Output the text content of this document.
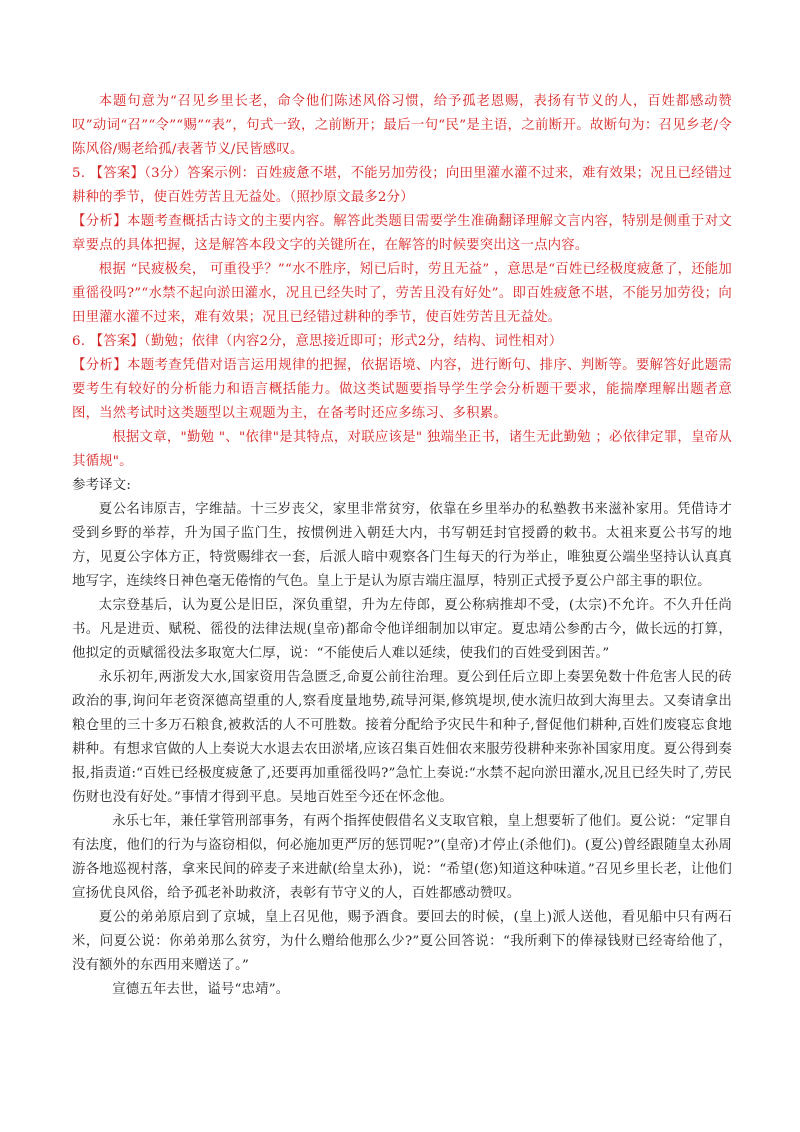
本题句意为“召见乡里长老，命令他们陈述风俗习惯，给予孤老恩赐，表扬有节义的人，百姓都感动赞叹”动词“召”“令”“赐”“表”，句式一致，之前断开；最后一句“民”是主语，之前断开。故断句为：召见乡老/令陈风俗/赐老给孤/表著节义/民皆感叹。

5. 【答案】（3分）答案示例：百姓疲惫不堪，不能另加劳役；向田里灌水灌不过来，难有效果；况且已经错过耕种的季节，使百姓劳苦且无益处。（照抄原文最多2分）

【分析】本题考查概括古诗文的主要内容。解答此类题目需要学生准确翻译理解文言内容，特别是侧重于对文章要点的具体把握，这是解答本段文字的关键所在，在解答的时候要突出这一点内容。

根据 “民疲极矣， 可重役乎？”“水不胜序，矧已后时，劳且无益” ，意思是“百姓已经极度疲惫了，还能加重徭役吗?”“水禁不起向淤田灌水，况且已经失时了，劳苦且没有好处”。即百姓疲惫不堪，不能另加劳役；向田里灌水灌不过来，难有效果；况且已经错过耕种的季节，使百姓劳苦且无益处。

6. 【答案】（勤勉；依律（内容2分，意思接近即可；形式2分，结构、词性相对）

【分析】本题考查凭借对语言运用规律的把握，依据语境、内容，进行断句、排序、判断等。要解答好此题需要考生有较好的分析能力和语言概括能力。做这类试题要指导学生学会分析题干要求，能揣摩理解出题者意图，当然考试时这类题型以主观题为主，在备考时还应多练习、多积累。

根据文章，"勤勉 "、"依律"是其特点，对联应该是" 独端坐正书，诸生无此勤勉 ；必依律定罪，皇帝从其循规"。

参考译文:

夏公名讳原吉，字维喆。十三岁丧父，家里非常贫穷，依靠在乡里举办的私塾教书来滋补家用。凭借诗才受到乡野的举荐，升为国子监门生，按惯例进入朝廷大内，书写朝廷封官授爵的敕书。太祖来夏公书写的地方，见夏公字体方正，特赏赐绯衣一套，后派人暗中观察各门生每天的行为举止，唯独夏公端坐坚持认认真真地写字，连续终日神色毫无倦惰的气色。皇上于是认为原吉端庄温厚，特别正式授予夏公户部主事的职位。

太宗登基后，认为夏公是旧臣，深负重望，升为左侍郎，夏公称病推却不受，(太宗)不允许。不久升任尚书。凡是进贡、赋税、徭役的法律法规(皇帝)都命令他详细制加以审定。夏忠靖公参酌古今，做长远的打算，他拟定的贡赋徭役法多取宽大仁厚，说：“不能使后人难以延续，使我们的百姓受到困苦。”

永乐初年,两浙发大水,国家资用告急匮乏,命夏公前往治理。夏公到任后立即上奏罢免数十件危害人民的砖政治的事,询问年老资深德高望重的人,察看度量地势,疏导河渠,修筑堤坝,使水流归故到大海里去。又奏请拿出粮仓里的三十多万石粮食,被救活的人不可胜数。接着分配给予灾民牛和种子,督促他们耕种,百姓们废寝忘食地耕种。有想求官做的人上奏说大水退去农田淤堵,应该召集百姓佃农来服劳役耕种来弥补国家用度。夏公得到奏报,指责道:“百姓已经极度疲惫了,还要再加重徭役吗?”急忙上奏说:“水禁不起向淤田灌水,况且已经失时了,劳民伤财也没有好处。”事情才得到平息。吴地百姓至今还在怀念他。

永乐七年，兼任掌管刑部事务，有两个指挥使假借名义支取官粮，皇上想要斩了他们。夏公说：“定罪自有法度，他们的行为与盗窃相似，何必施加更严厉的惩罚呢?”(皇帝)才停止(杀他们)。(夏公)曾经跟随皇太孙周游各地巡视村落，拿来民间的碎麦子来进献(给皇太孙)，说：“希望(您)知道这种味道。”召见乡里长老，让他们宣扬优良风俗，给予孤老补助救济，表彰有节守义的人，百姓都感动赞叹。

夏公的弟弟原启到了京城，皇上召见他，赐予酒食。要回去的时候，(皇上)派人送他，看见船中只有两石米，问夏公说：你弟弟那么贫穷，为什么赠给他那么少?”夏公回答说：“我所剩下的俸禄钱财已经寄给他了，没有额外的东西用来赠送了。”

宣德五年去世，谥号“忠靖”。
